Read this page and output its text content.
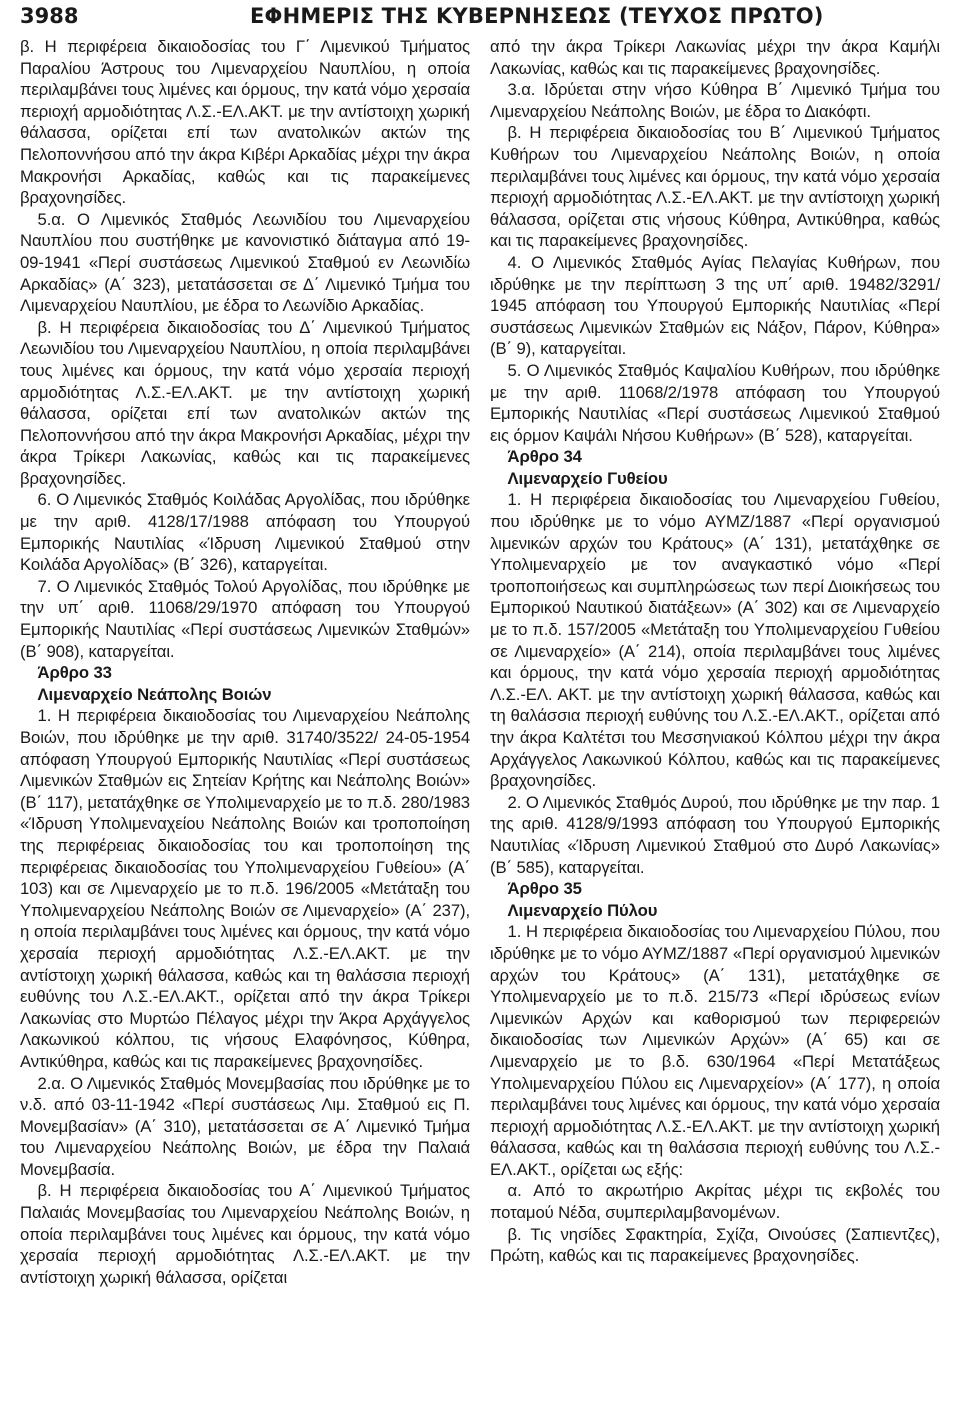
3988	ΕΦΗΜΕΡΙΣ ΤΗΣ ΚΥΒΕΡΝΗΣΕΩΣ (ΤΕΥΧΟΣ ΠΡΩΤΟ)

β. Η περιφέρεια δικαιοδοσίας του Γ΄ Λιμενικού Τμήματος Παραλίου Άστρους του Λιμεναρχείου Ναυπλίου, η οποία περιλαμβάνει τους λιμένες και όρμους, την κατά νόμο χερσαία περιοχή αρμοδιότητας Λ.Σ.-ΕΛ.ΑΚΤ. με την αντίστοιχη χωρική θάλασσα, ορίζεται επί των ανατολικών ακτών της Πελοποννήσου από την άκρα Κιβέρι Αρκαδίας μέχρι την άκρα Μακρονήσι Αρκαδίας, καθώς και τις παρακείμενες βραχονησίδες.

5.α. Ο Λιμενικός Σταθμός Λεωνιδίου του Λιμεναρχείου Ναυπλίου που συστήθηκε με κανονιστικό διάταγμα από 19-09-1941 «Περί συστάσεως Λιμενικού Σταθμού εν Λεωνιδίω Αρκαδίας» (Α΄ 323), μετατάσσεται σε Δ΄ Λιμενικό Τμήμα του Λιμεναρχείου Ναυπλίου, με έδρα το Λεωνίδιο Αρκαδίας.

β. Η περιφέρεια δικαιοδοσίας του Δ΄ Λιμενικού Τμήματος Λεωνιδίου του Λιμεναρχείου Ναυπλίου, η οποία περιλαμβάνει τους λιμένες και όρμους, την κατά νόμο χερσαία περιοχή αρμοδιότητας Λ.Σ.-ΕΛ.ΑΚΤ. με την αντίστοιχη χωρική θάλασσα, ορίζεται επί των ανατολικών ακτών της Πελοποννήσου από την άκρα Μακρονήσι Αρκαδίας, μέχρι την άκρα Τρίκερι Λακωνίας, καθώς και τις παρακείμενες βραχονησίδες.

6. Ο Λιμενικός Σταθμός Κοιλάδας Αργολίδας, που ιδρύθηκε με την αριθ. 4128/17/1988 απόφαση του Υπουργού Εμπορικής Ναυτιλίας «Ίδρυση Λιμενικού Σταθμού στην Κοιλάδα Αργολίδας» (Β΄ 326), καταργείται.

7. Ο Λιμενικός Σταθμός Τολού Αργολίδας, που ιδρύθηκε με την υπ΄ αριθ. 11068/29/1970 απόφαση του Υπουργού Εμπορικής Ναυτιλίας «Περί συστάσεως Λιμενικών Σταθμών» (Β΄ 908), καταργείται.

Άρθρο 33

Λιμεναρχείο Νεάπολης Βοιών

1. Η περιφέρεια δικαιοδοσίας του Λιμεναρχείου Νεάπολης Βοιών, που ιδρύθηκε με την αριθ. 31740/3522/ 24-05-1954 απόφαση Υπουργού Εμπορικής Ναυτιλίας «Περί συστάσεως Λιμενικών Σταθμών εις Σητείαν Κρήτης και Νεάπολης Βοιών» (Β΄ 117), μετατάχθηκε σε Υπολιμεναρχείο με το π.δ. 280/1983 «Ίδρυση Υπολιμεναχείου Νεάπολης Βοιών και τροποποίηση της περιφέρειας δικαιοδοσίας του και τροποποίηση της περιφέρειας δικαιοδοσίας του Υπολιμεναρχείου Γυθείου» (Α΄ 103) και σε Λιμεναρχείο με το π.δ. 196/2005 «Μετάταξη του Υπολιμεναρχείου Νεάπολης Βοιών σε Λιμεναρχείο» (Α΄ 237), η οποία περιλαμβάνει τους λιμένες και όρμους, την κατά νόμο χερσαία περιοχή αρμοδιότητας Λ.Σ.-ΕΛ.ΑΚΤ. με την αντίστοιχη χωρική θάλασσα, καθώς και τη θαλάσσια περιοχή ευθύνης του Λ.Σ.-ΕΛ.ΑΚΤ., ορίζεται από την άκρα Τρίκερι Λακωνίας στο Μυρτώο Πέλαγος μέχρι την Άκρα Αρχάγγελος Λακωνικού κόλπου, τις νήσους Ελαφόνησος, Κύθηρα, Αντικύθηρα, καθώς και τις παρακείμενες βραχονησίδες.

2.α. Ο Λιμενικός Σταθμός Μονεμβασίας που ιδρύθηκε με το ν.δ. από 03-11-1942 «Περί συστάσεως Λιμ. Σταθμού εις Π. Μονεμβασίαν» (Α΄ 310), μετατάσσεται σε Α΄ Λιμενικό Τμήμα του Λιμεναρχείου Νεάπολης Βοιών, με έδρα την Παλαιά Μονεμβασία.

β. Η περιφέρεια δικαιοδοσίας του Α΄ Λιμενικού Τμήματος Παλαιάς Μονεμβασίας του Λιμεναρχείου Νεάπολης Βοιών, η οποία περιλαμβάνει τους λιμένες και όρμους, την κατά νόμο χερσαία περιοχή αρμοδιότητας Λ.Σ.-ΕΛ.ΑΚΤ. με την αντίστοιχη χωρική θάλασσα, ορίζεται

από την άκρα Τρίκερι Λακωνίας μέχρι την άκρα Καμήλι Λακωνίας, καθώς και τις παρακείμενες βραχονησίδες.

3.α. Ιδρύεται στην νήσο Κύθηρα Β΄ Λιμενικό Τμήμα του Λιμεναρχείου Νεάπολης Βοιών, με έδρα το Διακόφτι.

β. Η περιφέρεια δικαιοδοσίας του Β΄ Λιμενικού Τμήματος Κυθήρων του Λιμεναρχείου Νεάπολης Βοιών, η οποία περιλαμβάνει τους λιμένες και όρμους, την κατά νόμο χερσαία περιοχή αρμοδιότητας Λ.Σ.-ΕΛ.ΑΚΤ. με την αντίστοιχη χωρική θάλασσα, ορίζεται στις νήσους Κύθηρα, Αντικύθηρα, καθώς και τις παρακείμενες βραχονησίδες.

4. Ο Λιμενικός Σταθμός Αγίας Πελαγίας Κυθήρων, που ιδρύθηκε με την περίπτωση 3 της υπ΄ αριθ. 19482/3291/ 1945 απόφαση του Υπουργού Εμπορικής Ναυτιλίας «Περί συστάσεως Λιμενικών Σταθμών εις Νάξον, Πάρον, Κύθηρα» (Β΄ 9), καταργείται.

5. Ο Λιμενικός Σταθμός Καψαλίου Κυθήρων, που ιδρύθηκε με την αριθ. 11068/2/1978 απόφαση του Υπουργού Εμπορικής Ναυτιλίας «Περί συστάσεως Λιμενικού Σταθμού εις όρμον Καψάλι Νήσου Κυθήρων» (Β΄ 528), καταργείται.

Άρθρο 34

Λιμεναρχείο Γυθείου

1. Η περιφέρεια δικαιοδοσίας του Λιμεναρχείου Γυθείου, που ιδρύθηκε με το νόμο ΑΥΜΖ/1887 «Περί οργανισμού λιμενικών αρχών του Κράτους» (Α΄ 131), μετατάχθηκε σε Υπολιμεναρχείο με τον αναγκαστικό νόμο «Περί τροποποιήσεως και συμπληρώσεως των περί Διοικήσεως του Εμπορικού Ναυτικού διατάξεων» (Α΄ 302) και σε Λιμεναρχείο με το π.δ. 157/2005 «Μετάταξη του Υπολιμεναρχείου Γυθείου σε Λιμεναρχείο» (Α΄ 214), οποία περιλαμβάνει τους λιμένες και όρμους, την κατά νόμο χερσαία περιοχή αρμοδιότητας Λ.Σ.-ΕΛ. ΑΚΤ. με την αντίστοιχη χωρική θάλασσα, καθώς και τη θαλάσσια περιοχή ευθύνης του Λ.Σ.-ΕΛ.ΑΚΤ., ορίζεται από την άκρα Καλτέτσι του Μεσσηνιακού Κόλπου μέχρι την άκρα Αρχάγγελος Λακωνικού Κόλπου, καθώς και τις παρακείμενες βραχονησίδες.

2. Ο Λιμενικός Σταθμός Δυρού, που ιδρύθηκε με την παρ. 1 της αριθ. 4128/9/1993 απόφαση του Υπουργού Εμπορικής Ναυτιλίας «Ίδρυση Λιμενικού Σταθμού στο Δυρό Λακωνίας» (Β΄ 585), καταργείται.

Άρθρο 35

Λιμεναρχείο Πύλου

1. Η περιφέρεια δικαιοδοσίας του Λιμεναρχείου Πύλου, που ιδρύθηκε με το νόμο ΑΥΜΖ/1887 «Περί οργανισμού λιμενικών αρχών του Κράτους» (Α΄ 131), μετατάχθηκε σε Υπολιμεναρχείο με το π.δ. 215/73 «Περί ιδρύσεως ενίων Λιμενικών Αρχών και καθορισμού των περιφερειών δικαιοδοσίας των Λιμενικών Αρχών» (Α΄ 65) και σε Λιμεναρχείο με το β.δ. 630/1964 «Περί Μετατάξεως Υπολιμεναρχείου Πύλου εις Λιμεναρχείον» (Α΄ 177), η οποία περιλαμβάνει τους λιμένες και όρμους, την κατά νόμο χερσαία περιοχή αρμοδιότητας Λ.Σ.-ΕΛ.ΑΚΤ. με την αντίστοιχη χωρική θάλασσα, καθώς και τη θαλάσσια περιοχή ευθύνης του Λ.Σ.-ΕΛ.ΑΚΤ., ορίζεται ως εξής:

α. Από το ακρωτήριο Ακρίτας μέχρι τις εκβολές του ποταμού Νέδα, συμπεριλαμβανομένων.

β. Τις νησίδες Σφακτηρία, Σχίζα, Οινούσες (Σαπιεντζες), Πρώτη, καθώς και τις παρακείμενες βραχονησίδες.
